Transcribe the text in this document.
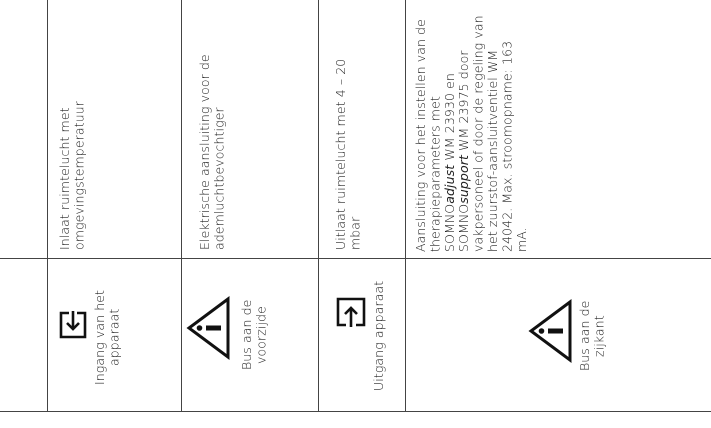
Inlaat ruimtelucht met omgevingstemperatuur
Ingang van het apparaat
Elektrische aansluiting voor de ademluchtbevochtiger
Bus aan de voorzijde
Uitlaat ruimtelucht met 4 – 20 mbar
Uitgang apparaat
Aansluiting voor het instellen van de therapieparameters met SOMNOadjust WM 23930 en SOMNOsupport WM 23975 door vakpersoneel of door de regeling van het zuurstof-aansluitventiel WM 24042. Max. stroomopname: 163 mA.
Bus aan de zijkant
